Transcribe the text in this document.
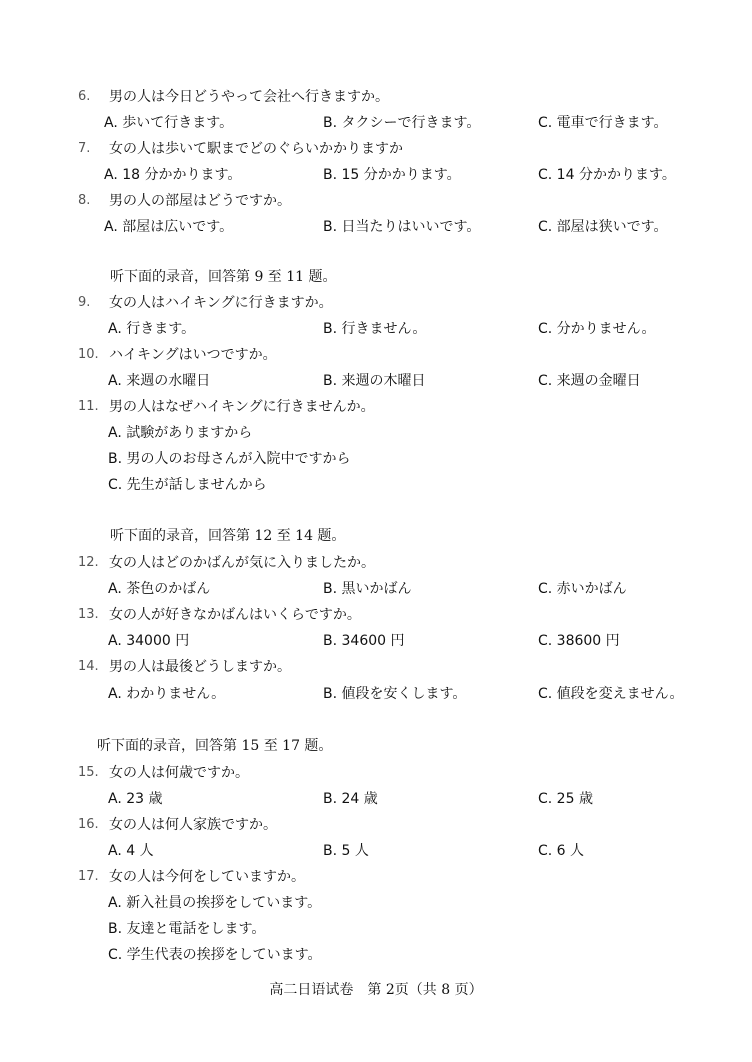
6.	男の人は今日どうやって会社へ行きますか。
A. 歩いて行きます。	B. タクシーで行きます。	C. 電車で行きます。
7.	女の人は歩いて駅までどのぐらいかかりますか
A. 18 分かかります。	B. 15 分かかります。	C. 14 分かかります。
8.	男の人の部屋はどうですか。
A. 部屋は広いです。	B. 日当たりはいいです。	C. 部屋は狭いです。
听下面的录音，回答第 9 至 11 题。
9.	女の人はハイキングに行きますか。
A. 行きます。	B. 行きません。	C. 分かりません。
10. ハイキングはいつですか。
A. 来週の水曜日	B. 来週の木曜日	C. 来週の金曜日
11. 男の人はなぜハイキングに行きませんか。
A. 試験がありますから
B. 男の人のお母さんが入院中ですから
C. 先生が話しませんから
听下面的录音，回答第 12 至 14 题。
12. 女の人はどのかばんが気に入りましたか。
A. 茶色のかばん	B. 黒いかばん	C. 赤いかばん
13. 女の人が好きなかばんはいくらですか。
A. 34000 円	B. 34600 円	C. 38600 円
14. 男の人は最後どうしますか。
A. わかりません。	B. 値段を安くします。	C. 値段を変えません。
听下面的录音，回答第 15 至 17 题。
15. 女の人は何歳ですか。
A. 23 歳	B. 24 歳	C. 25 歳
16. 女の人は何人家族ですか。
A. 4 人	B. 5 人	C. 6 人
17. 女の人は今何をしていますか。
A. 新入社員の挨拶をしています。
B. 友達と電話をします。
C. 学生代表の挨拶をしています。
高二日语试卷　第 2页（共 8 页）
